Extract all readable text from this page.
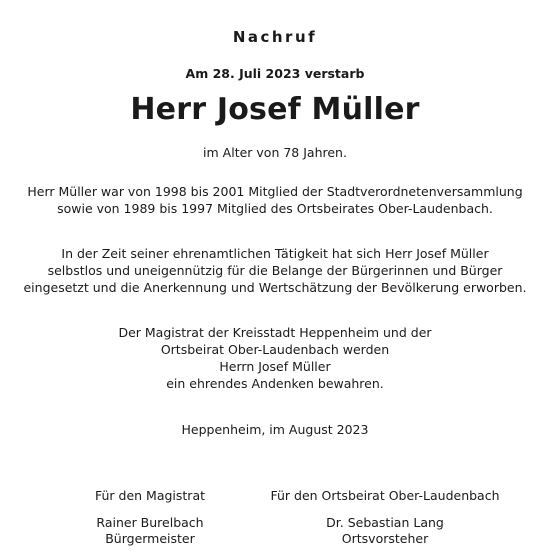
Nachruf
Am 28. Juli 2023 verstarb
Herr Josef Müller
im Alter von 78 Jahren.
Herr Müller war von 1998 bis 2001 Mitglied der Stadtverordnetenversammlung
sowie von 1989 bis 1997 Mitglied des Ortsbeirates Ober-Laudenbach.
In der Zeit seiner ehrenamtlichen Tätigkeit hat sich Herr Josef Müller
selbstlos und uneigennützig für die Belange der Bürgerinnen und Bürger
eingesetzt und die Anerkennung und Wertschätzung der Bevölkerung erworben.
Der Magistrat der Kreisstadt Heppenheim und der
Ortsbeirat Ober-Laudenbach werden
Herrn Josef Müller
ein ehrendes Andenken bewahren.
Heppenheim, im August 2023
Für den Magistrat
Rainer Burelbach
Bürgermeister
Für den Ortsbeirat Ober-Laudenbach
Dr. Sebastian Lang
Ortsvorsteher
